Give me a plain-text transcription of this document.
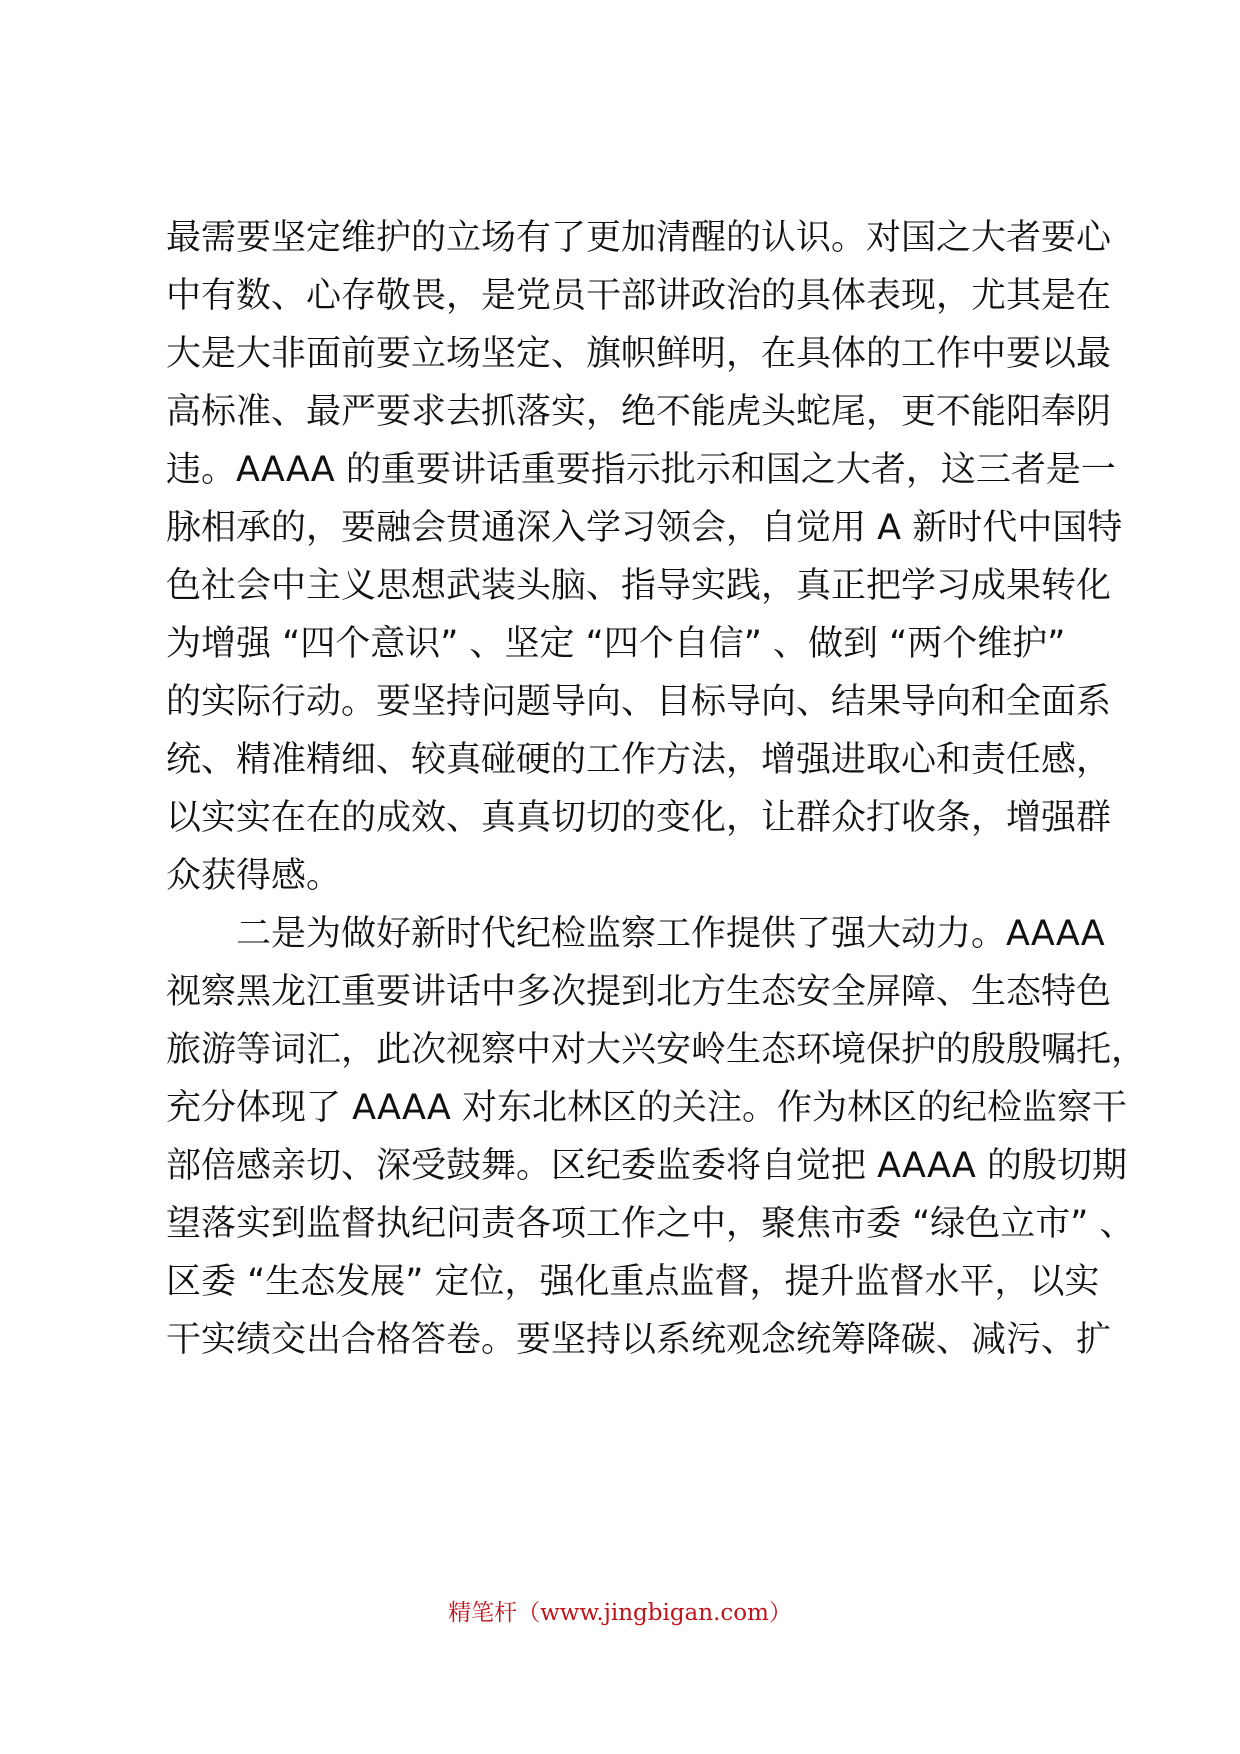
最需要坚定维护的立场有了更加清醒的认识。对国之大者要心
中有数、心存敬畏，是党员干部讲政治的具体表现，尤其是在
大是大非面前要立场坚定、旗帜鲜明，在具体的工作中要以最
高标准、最严要求去抓落实，绝不能虎头蛇尾，更不能阳奉阴
违。AAAA 的重要讲话重要指示批示和国之大者，这三者是一
脉相承的，要融会贯通深入学习领会，自觉用 A 新时代中国特
色社会中主义思想武装头脑、指导实践，真正把学习成果转化
为增强 “四个意识” 、坚定 “四个自信” 、做到 “两个维护”
的实际行动。要坚持问题导向、目标导向、结果导向和全面系
统、精准精细、较真碰硬的工作方法，增强进取心和责任感，
以实实在在的成效、真真切切的变化，让群众打收条，增强群
众获得感。
　　二是为做好新时代纪检监察工作提供了强大动力。AAAA
视察黑龙江重要讲话中多次提到北方生态安全屏障、生态特色
旅游等词汇，此次视察中对大兴安岭生态环境保护的殷殷嘱托，
充分体现了 AAAA 对东北林区的关注。作为林区的纪检监察干
部倍感亲切、深受鼓舞。区纪委监委将自觉把 AAAA 的殷切期
望落实到监督执纪问责各项工作之中，聚焦市委 “绿色立市” 、
区委 “生态发展” 定位，强化重点监督，提升监督水平，以实
干实绩交出合格答卷。要坚持以系统观念统筹降碳、减污、扩
精笔杆（www.jingbigan.com）
